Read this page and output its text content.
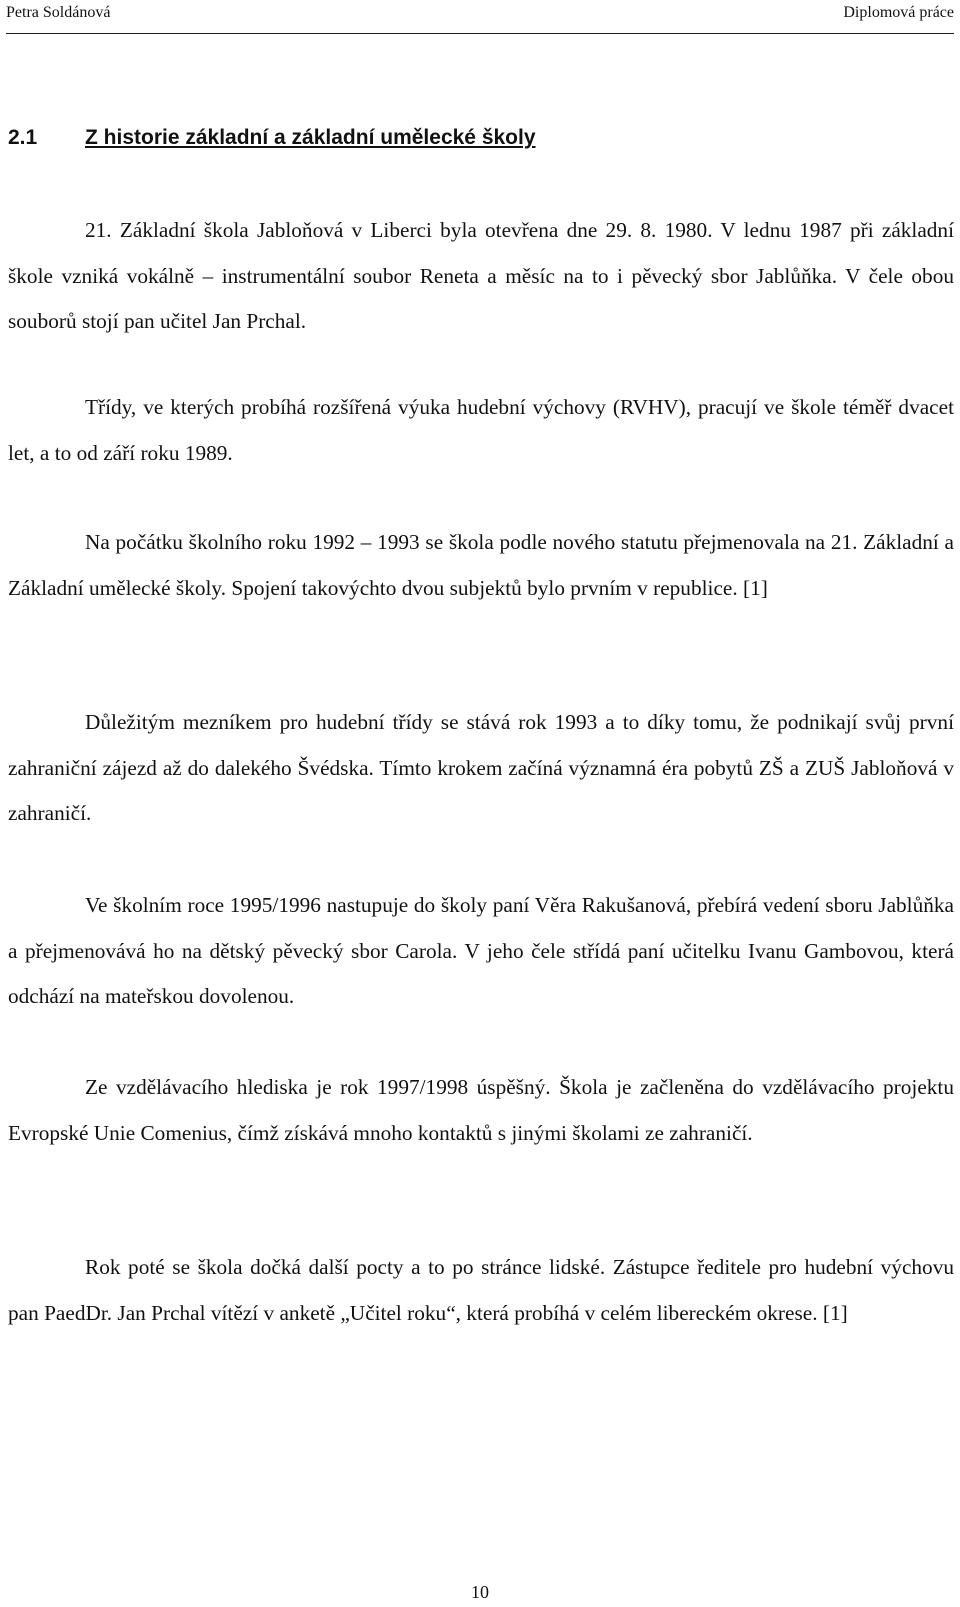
Petra Soldánová	Diplomová práce
2.1 Z historie základní a základní umělecké školy

21. Základní škola Jabloňová v Liberci byla otevřena dne 29. 8. 1980. V lednu 1987 při základní škole vzniká vokálně – instrumentální soubor Reneta a měsíc na to i pěvecký sbor Jablůňka. V čele obou souborů stojí pan učitel Jan Prchal.

Třídy, ve kterých probíhá rozšířená výuka hudební výchovy (RVHV), pracují ve škole téměř dvacet let, a to od září roku 1989.

Na počátku školního roku 1992 – 1993 se škola podle nového statutu přejmenovala na 21. Základní a Základní umělecké školy. Spojení takovýchto dvou subjektů bylo prvním v republice. [1]

Důležitým mezníkem pro hudební třídy se stává rok 1993 a to díky tomu, že podnikají svůj první zahraniční zájezd až do dalekého Švédska. Tímto krokem začíná významná éra pobytů ZŠ a ZUŠ Jabloňová v zahraničí.

Ve školním roce 1995/1996 nastupuje do školy paní Věra Rakušanová, přebírá vedení sboru Jablůňka a přejmenovává ho na dětský pěvecký sbor Carola. V jeho čele střídá paní učitelku Ivanu Gambovou, která odchází na mateřskou dovolenou.

Ze vzdělávacího hlediska je rok 1997/1998 úspěšný. Škola je začleněna do vzdělávacího projektu Evropské Unie Comenius, čímž získává mnoho kontaktů s jinými školami ze zahraničí.

Rok poté se škola dočká další pocty a to po stránce lidské. Zástupce ředitele pro hudební výchovu pan PaedDr. Jan Prchal vítězí v anketě „Učitel roku“, která probíhá v celém libereckém okrese. [1]

10
